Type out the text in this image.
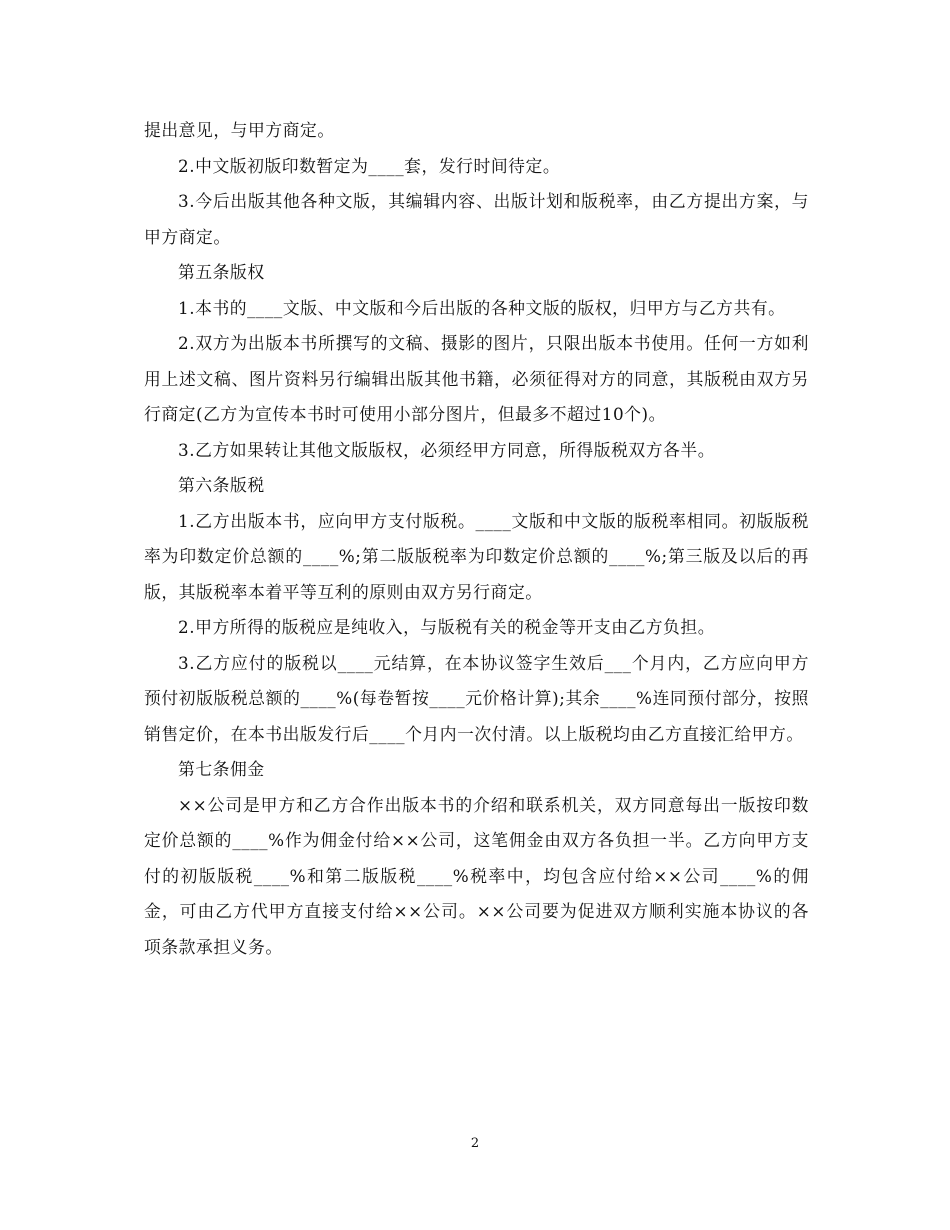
提出意见，与甲方商定。

2.中文版初版印数暂定为____套，发行时间待定。

3.今后出版其他各种文版，其编辑内容、出版计划和版税率，由乙方提出方案，与甲方商定。

第五条版权

1.本书的____文版、中文版和今后出版的各种文版的版权，归甲方与乙方共有。

2.双方为出版本书所撰写的文稿、摄影的图片，只限出版本书使用。任何一方如利用上述文稿、图片资料另行编辑出版其他书籍，必须征得对方的同意，其版税由双方另行商定(乙方为宣传本书时可使用小部分图片，但最多不超过10个)。

3.乙方如果转让其他文版版权，必须经甲方同意，所得版税双方各半。

第六条版税

1.乙方出版本书，应向甲方支付版税。____文版和中文版的版税率相同。初版版税率为印数定价总额的____%;第二版版税率为印数定价总额的____%;第三版及以后的再版，其版税率本着平等互利的原则由双方另行商定。

2.甲方所得的版税应是纯收入，与版税有关的税金等开支由乙方负担。

3.乙方应付的版税以____元结算，在本协议签字生效后___个月内，乙方应向甲方预付初版版税总额的____%(每卷暂按____元价格计算);其余____%连同预付部分，按照销售定价，在本书出版发行后____个月内一次付清。以上版税均由乙方直接汇给甲方。

第七条佣金

××公司是甲方和乙方合作出版本书的介绍和联系机关，双方同意每出一版按印数定价总额的____%作为佣金付给××公司，这笔佣金由双方各负担一半。乙方向甲方支付的初版版税____%和第二版版税____%税率中，均包含应付给××公司____%的佣金，可由乙方代甲方直接支付给××公司。××公司要为促进双方顺利实施本协议的各项条款承担义务。

2
